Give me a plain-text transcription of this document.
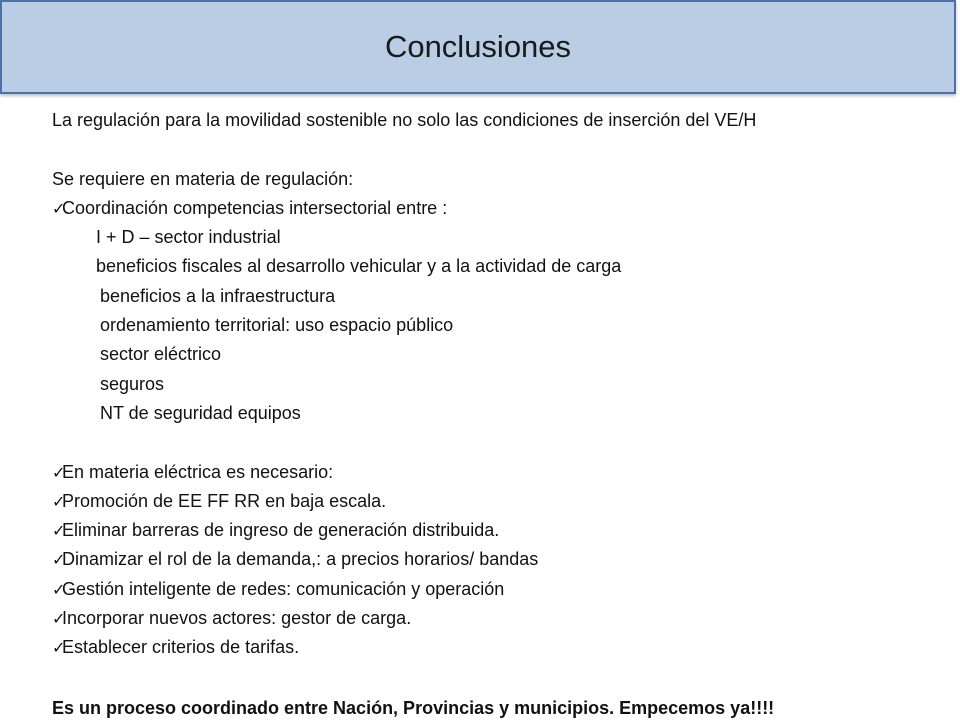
Conclusiones
La regulación para la movilidad sostenible no solo las condiciones de inserción del VE/H
Se requiere en materia de regulación:
✓Coordinación competencias intersectorial entre :
I + D – sector industrial
beneficios fiscales al desarrollo vehicular y a la actividad de carga
beneficios a la infraestructura
ordenamiento territorial: uso espacio público
sector eléctrico
seguros
NT de seguridad equipos
✓En materia eléctrica es necesario:
✓Promoción de EE FF RR en baja escala.
✓Eliminar barreras de ingreso de generación distribuida.
✓Dinamizar el rol de la demanda,: a precios horarios/ bandas
✓Gestión inteligente de redes: comunicación y operación
✓Incorporar nuevos actores: gestor de carga.
✓Establecer criterios de tarifas.
Es un proceso coordinado entre Nación, Provincias y municipios. Empecemos ya!!!!
